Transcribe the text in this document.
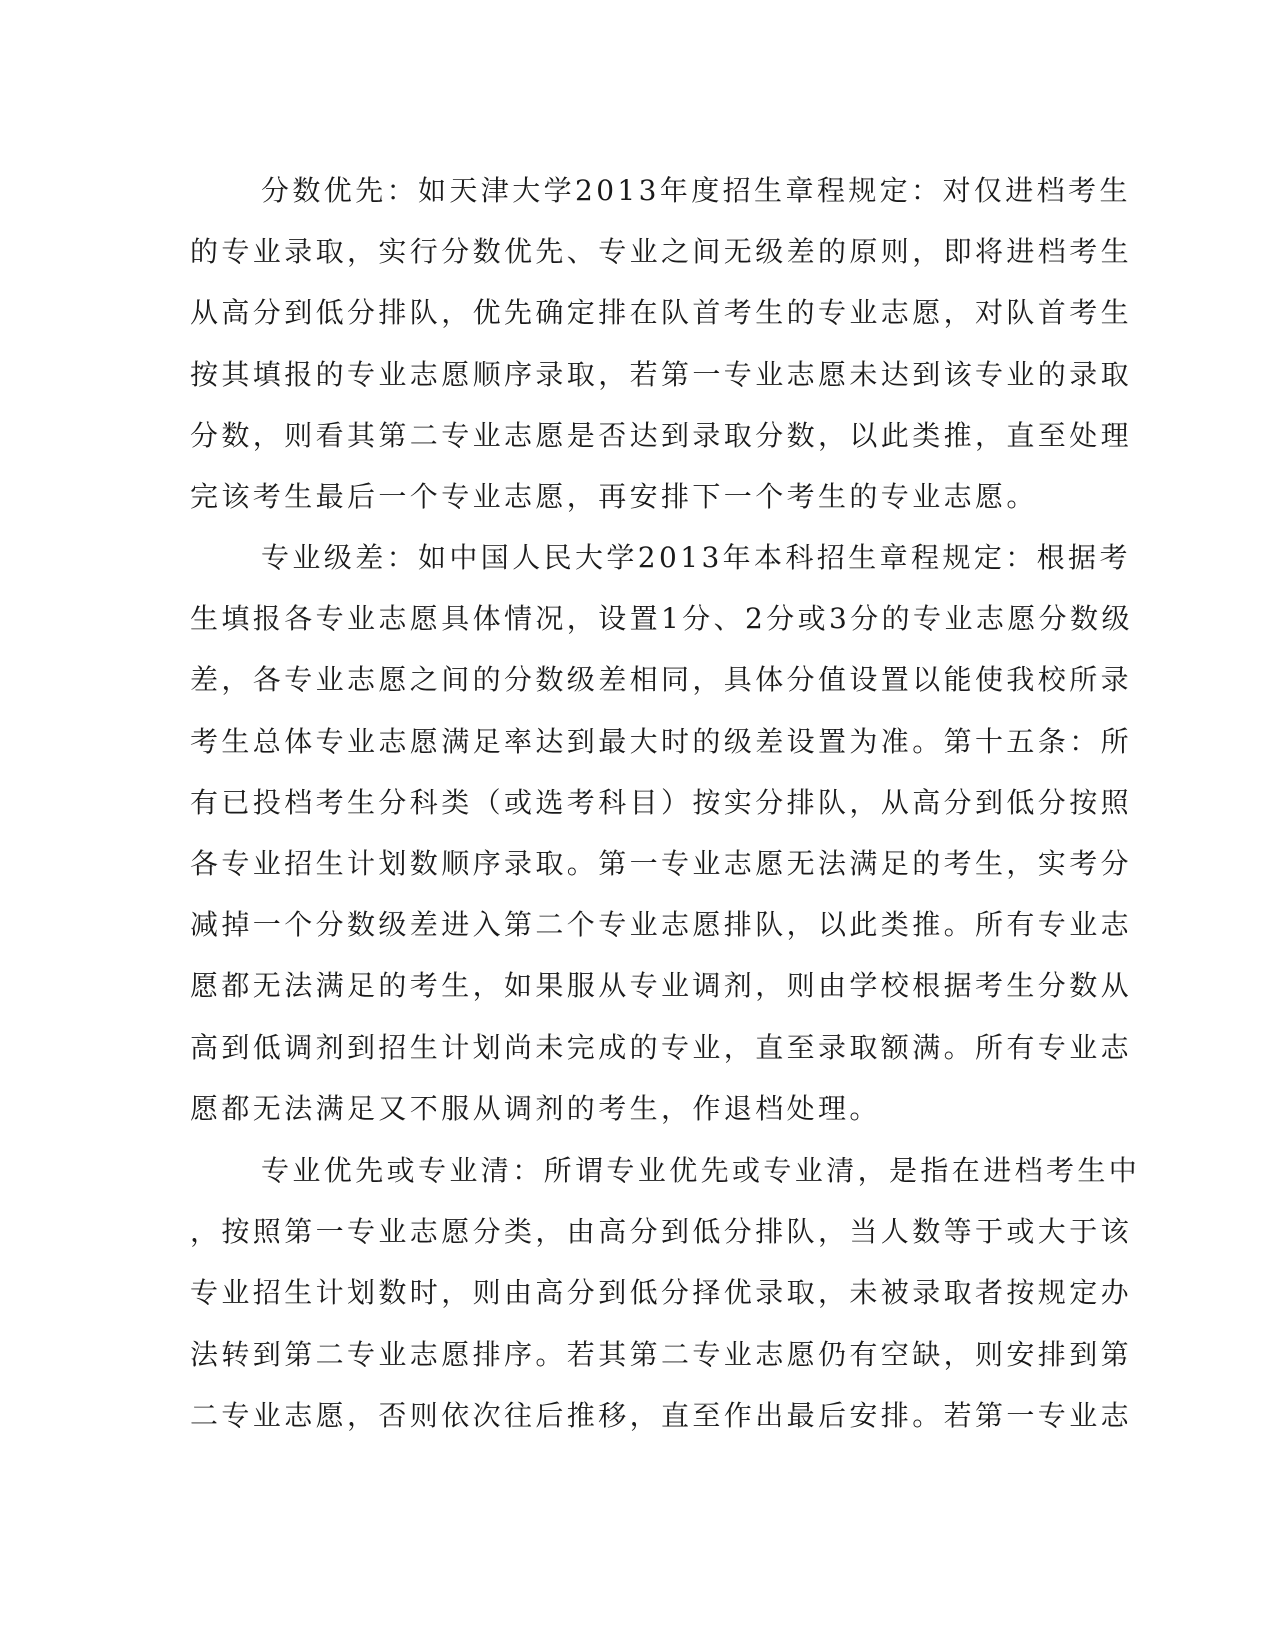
分数优先：如天津大学2013年度招生章程规定：对仅进档考生
的专业录取，实行分数优先、专业之间无级差的原则，即将进档考生
从高分到低分排队，优先确定排在队首考生的专业志愿，对队首考生
按其填报的专业志愿顺序录取，若第一专业志愿未达到该专业的录取
分数，则看其第二专业志愿是否达到录取分数，以此类推，直至处理
完该考生最后一个专业志愿，再安排下一个考生的专业志愿。
专业级差：如中国人民大学2013年本科招生章程规定：根据考
生填报各专业志愿具体情况，设置1分、2分或3分的专业志愿分数级
差，各专业志愿之间的分数级差相同，具体分值设置以能使我校所录
考生总体专业志愿满足率达到最大时的级差设置为准。第十五条：所
有已投档考生分科类（或选考科目）按实分排队，从高分到低分按照
各专业招生计划数顺序录取。第一专业志愿无法满足的考生，实考分
减掉一个分数级差进入第二个专业志愿排队，以此类推。所有专业志
愿都无法满足的考生，如果服从专业调剂，则由学校根据考生分数从
高到低调剂到招生计划尚未完成的专业，直至录取额满。所有专业志
愿都无法满足又不服从调剂的考生，作退档处理。
专业优先或专业清：所谓专业优先或专业清，是指在进档考生中
，按照第一专业志愿分类，由高分到低分排队，当人数等于或大于该
专业招生计划数时，则由高分到低分择优录取，未被录取者按规定办
法转到第二专业志愿排序。若其第二专业志愿仍有空缺，则安排到第
二专业志愿，否则依次往后推移，直至作出最后安排。若第一专业志
